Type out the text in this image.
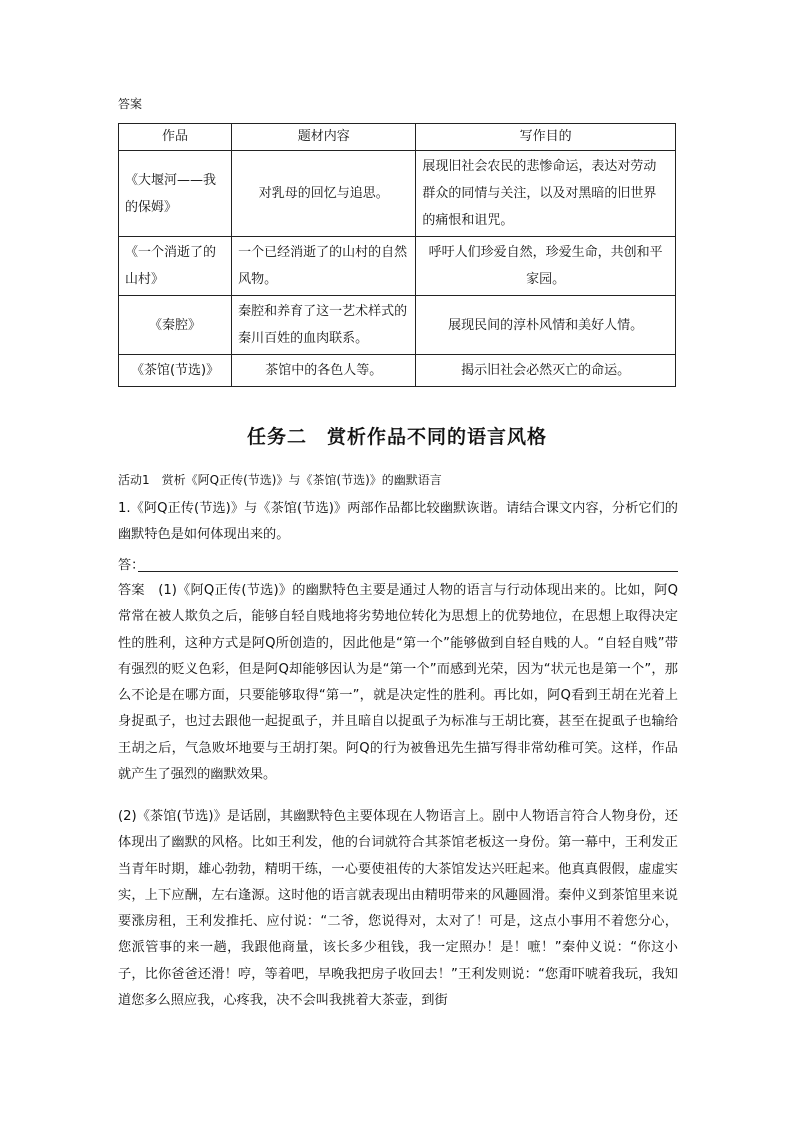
答案
作品	题材内容	写作目的
《大堰河——我的保姆》	对乳母的回忆与追思。	展现旧社会农民的悲惨命运，表达对劳动群众的同情与关注，以及对黑暗的旧世界的痛恨和诅咒。
《一个消逝了的山村》	一个已经消逝了的山村的自然风物。	呼吁人们珍爱自然，珍爱生命，共创和平家园。
《秦腔》	秦腔和养育了这一艺术样式的秦川百姓的血肉联系。	展现民间的淳朴风情和美好人情。
《茶馆(节选)》	茶馆中的各色人等。	揭示旧社会必然灭亡的命运。
任务二　赏析作品不同的语言风格
活动1　赏析《阿Q正传(节选)》与《茶馆(节选)》的幽默语言
1.《阿Q正传(节选)》与《茶馆(节选)》两部作品都比较幽默诙谐。请结合课文内容，分析它们的幽默特色是如何体现出来的。
答：
答案　(1)《阿Q正传(节选)》的幽默特色主要是通过人物的语言与行动体现出来的。比如，阿Q常常在被人欺负之后，能够自轻自贱地将劣势地位转化为思想上的优势地位，在思想上取得决定性的胜利，这种方式是阿Q所创造的，因此他是“第一个”能够做到自轻自贱的人。“自轻自贱”带有强烈的贬义色彩，但是阿Q却能够因认为是“第一个”而感到光荣，因为“状元也是第一个”，那么不论是在哪方面，只要能够取得“第一”，就是决定性的胜利。再比如，阿Q看到王胡在光着上身捉虱子，也过去跟他一起捉虱子，并且暗自以捉虱子为标准与王胡比赛，甚至在捉虱子也输给王胡之后，气急败坏地要与王胡打架。阿Q的行为被鲁迅先生描写得非常幼稚可笑。这样，作品就产生了强烈的幽默效果。
(2)《茶馆(节选)》是话剧，其幽默特色主要体现在人物语言上。剧中人物语言符合人物身份，还体现出了幽默的风格。比如王利发，他的台词就符合其茶馆老板这一身份。第一幕中，王利发正当青年时期，雄心勃勃，精明干练，一心要使祖传的大茶馆发达兴旺起来。他真真假假，虚虚实实，上下应酬，左右逢源。这时他的语言就表现出由精明带来的风趣圆滑。秦仲义到茶馆里来说要涨房租，王利发推托、应付说：“二爷，您说得对，太对了！可是，这点小事用不着您分心，您派管事的来一趟，我跟他商量，该长多少租钱，我一定照办！是！嗻！”秦仲义说：“你这小子，比你爸爸还滑！哼，等着吧，早晚我把房子收回去！”王利发则说：“您甭吓唬着我玩，我知道您多么照应我，心疼我，决不会叫我挑着大茶壶，到街
